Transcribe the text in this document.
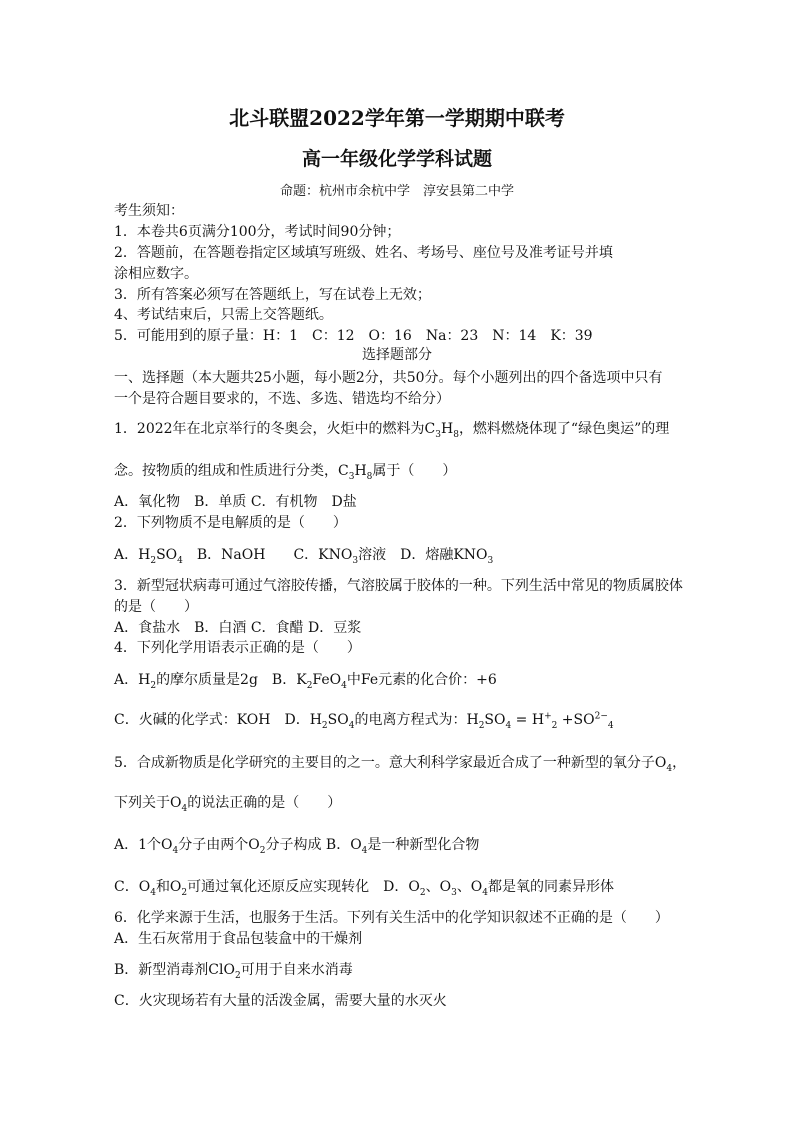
北斗联盟2022学年第一学期期中联考
高一年级化学学科试题
命题：杭州市余杭中学　淳安县第二中学
考生须知：
1．本卷共6页满分100分，考试时间90分钟；
2．答题前，在答题卷指定区域填写班级、姓名、考场号、座位号及准考证号并填
涂相应数字。
3．所有答案必须写在答题纸上，写在试卷上无效；
4、考试结束后，只需上交答题纸。
5．可能用到的原子量：H：1　C：12　O：16　Na：23　N：14　K：39
选择题部分
一、选择题（本大题共25小题，每小题2分，共50分。每个小题列出的四个备选项中只有
一个是符合题目要求的，不选、多选、错选均不给分）
1．2022年在北京举行的冬奥会，火炬中的燃料为$C_3H_8$，燃料燃烧体现了“绿色奥运”的理
念。按物质的组成和性质进行分类，$C_3H_8$属于（　　）
A．氧化物　B．单质 C．有机物　D盐
2．下列物质不是电解质的是（　　）
A．$H_2SO_4$　B．NaOH　　C．$KNO_3$溶液　D．熔融$KNO_3$
3．新型冠状病毒可通过气溶胶传播，气溶胶属于胶体的一种。下列生活中常见的物质属胶体
的是（　　）
A．食盐水　B．白酒 C．食醋 D．豆浆
4．下列化学用语表示正确的是（　　）
A．$H_2$的摩尔质量是2g　B．$K_2FeO_4$中Fe元素的化合价：+6
C．火碱的化学式：KOH　D．$H_2SO_4$的电离方程式为：$H_2SO_4 = H^+_2 +SO^{2-}_4$
5．合成新物质是化学研究的主要目的之一。意大利科学家最近合成了一种新型的氧分子$O_4$，
下列关于$O_4$的说法正确的是（　　）
A．1个$O_4$分子由两个$O_2$分子构成 B．$O_4$是一种新型化合物
C．$O_4$和$O_2$可通过氧化还原反应实现转化　D．$O_2$、$O_3$、$O_4$都是氧的同素异形体
6．化学来源于生活，也服务于生活。下列有关生活中的化学知识叙述不正确的是（　　）
A．生石灰常用于食品包装盒中的干燥剂
B．新型消毒剂ClO$_2$可用于自来水消毒
C．火灾现场若有大量的活泼金属，需要大量的水灭火
